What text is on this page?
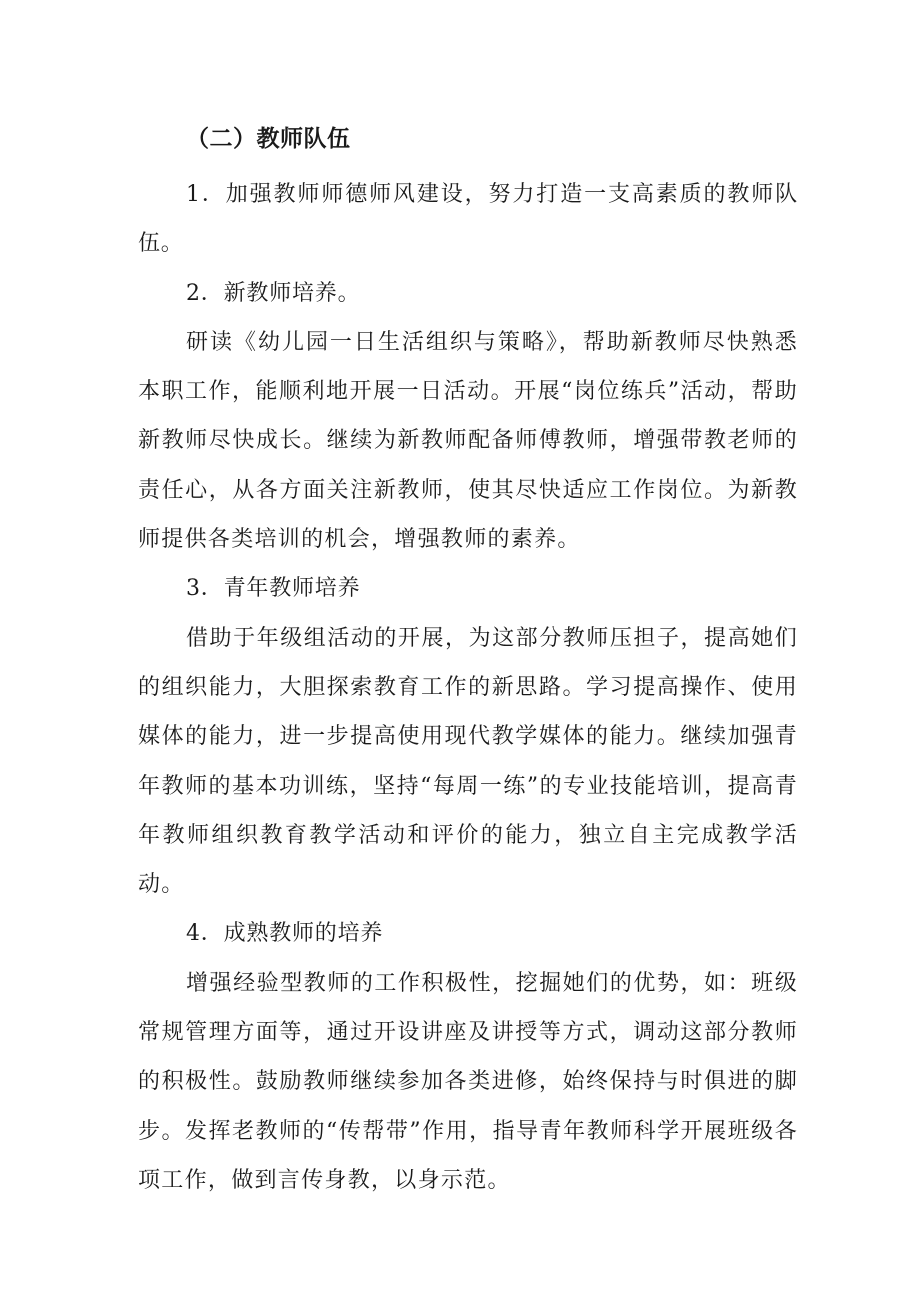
（二）教师队伍

1．加强教师师德师风建设，努力打造一支高素质的教师队伍。

2．新教师培养。

研读《幼儿园一日生活组织与策略》，帮助新教师尽快熟悉本职工作，能顺利地开展一日活动。开展“岗位练兵”活动，帮助新教师尽快成长。继续为新教师配备师傅教师，增强带教老师的责任心，从各方面关注新教师，使其尽快适应工作岗位。为新教师提供各类培训的机会，增强教师的素养。

3．青年教师培养

借助于年级组活动的开展，为这部分教师压担子，提高她们的组织能力，大胆探索教育工作的新思路。学习提高操作、使用媒体的能力，进一步提高使用现代教学媒体的能力。继续加强青年教师的基本功训练，坚持“每周一练”的专业技能培训，提高青年教师组织教育教学活动和评价的能力，独立自主完成教学活动。

4．成熟教师的培养

增强经验型教师的工作积极性，挖掘她们的优势，如：班级常规管理方面等，通过开设讲座及讲授等方式，调动这部分教师的积极性。鼓励教师继续参加各类进修，始终保持与时俱进的脚步。发挥老教师的“传帮带”作用，指导青年教师科学开展班级各项工作，做到言传身教，以身示范。
